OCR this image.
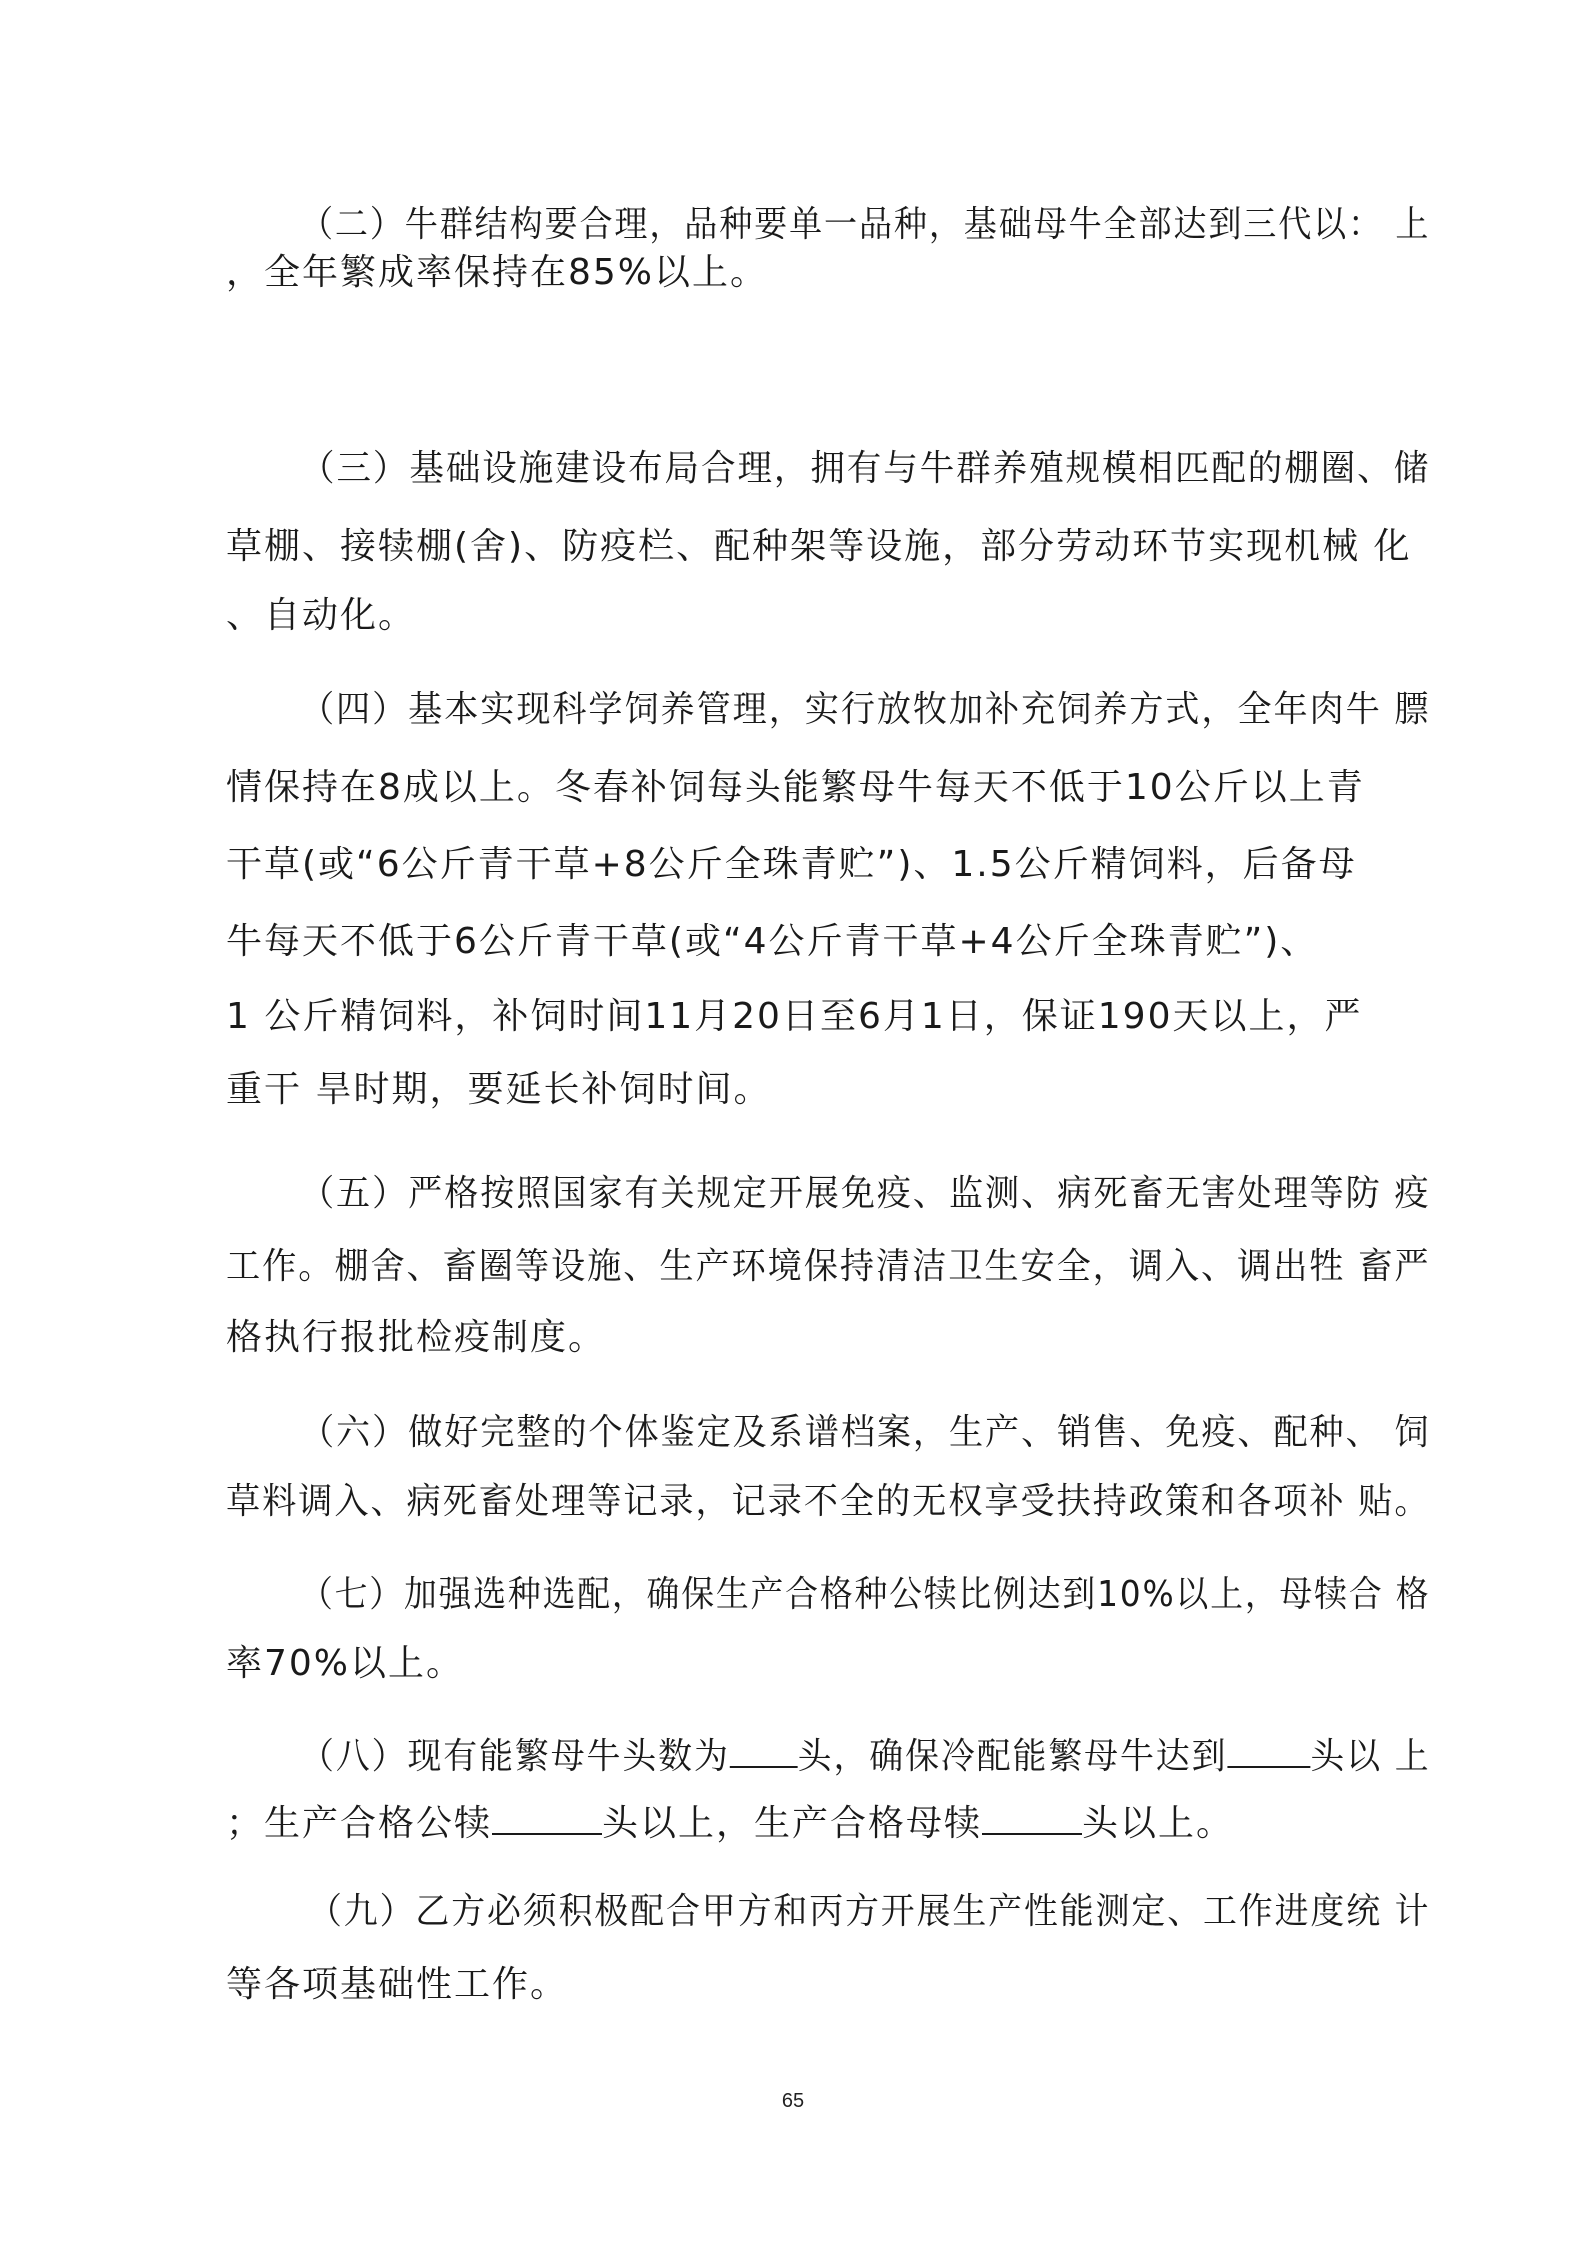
（二）牛群结构要合理，品种要单一品种，基础母牛全部达到三代以： 上
，全年繁成率保持在85%以上。
（三）基础设施建设布局合理，拥有与牛群养殖规模相匹配的棚圈、储
草棚、接犊棚(舍)、防疫栏、配种架等设施，部分劳动环节实现机械 化
、自动化。
（四）基本实现科学饲养管理，实行放牧加补充饲养方式，全年肉牛 膘
情保持在8成以上。冬春补饲每头能繁母牛每天不低于10公斤以上青
干草(或“6公斤青干草+8公斤全珠青贮”)、1.5公斤精饲料，后备母
牛每天不低于6公斤青干草(或“4公斤青干草+4公斤全珠青贮”)、
1 公斤精饲料，补饲时间11月20日至6月1日，保证190天以上，严
重干 旱时期，要延长补饲时间。
（五）严格按照国家有关规定开展免疫、监测、病死畜无害处理等防 疫
工作。棚舍、畜圈等设施、生产环境保持清洁卫生安全，调入、调出牲 畜严
格执行报批检疫制度。
（六）做好完整的个体鉴定及系谱档案，生产、销售、免疫、配种、 饲
草料调入、病死畜处理等记录，记录不全的无权享受扶持政策和各项补 贴。
（七）加强选种选配，确保生产合格种公犊比例达到10%以上，母犊合 格
率70%以上。
（八）现有能繁母牛头数为 头，确保冷配能繁母牛达到 头以 上
；生产合格公犊	头以上，生产合格母犊	头以上。
（九）乙方必须积极配合甲方和丙方开展生产性能测定、工作进度统 计
等各项基础性工作。
65
